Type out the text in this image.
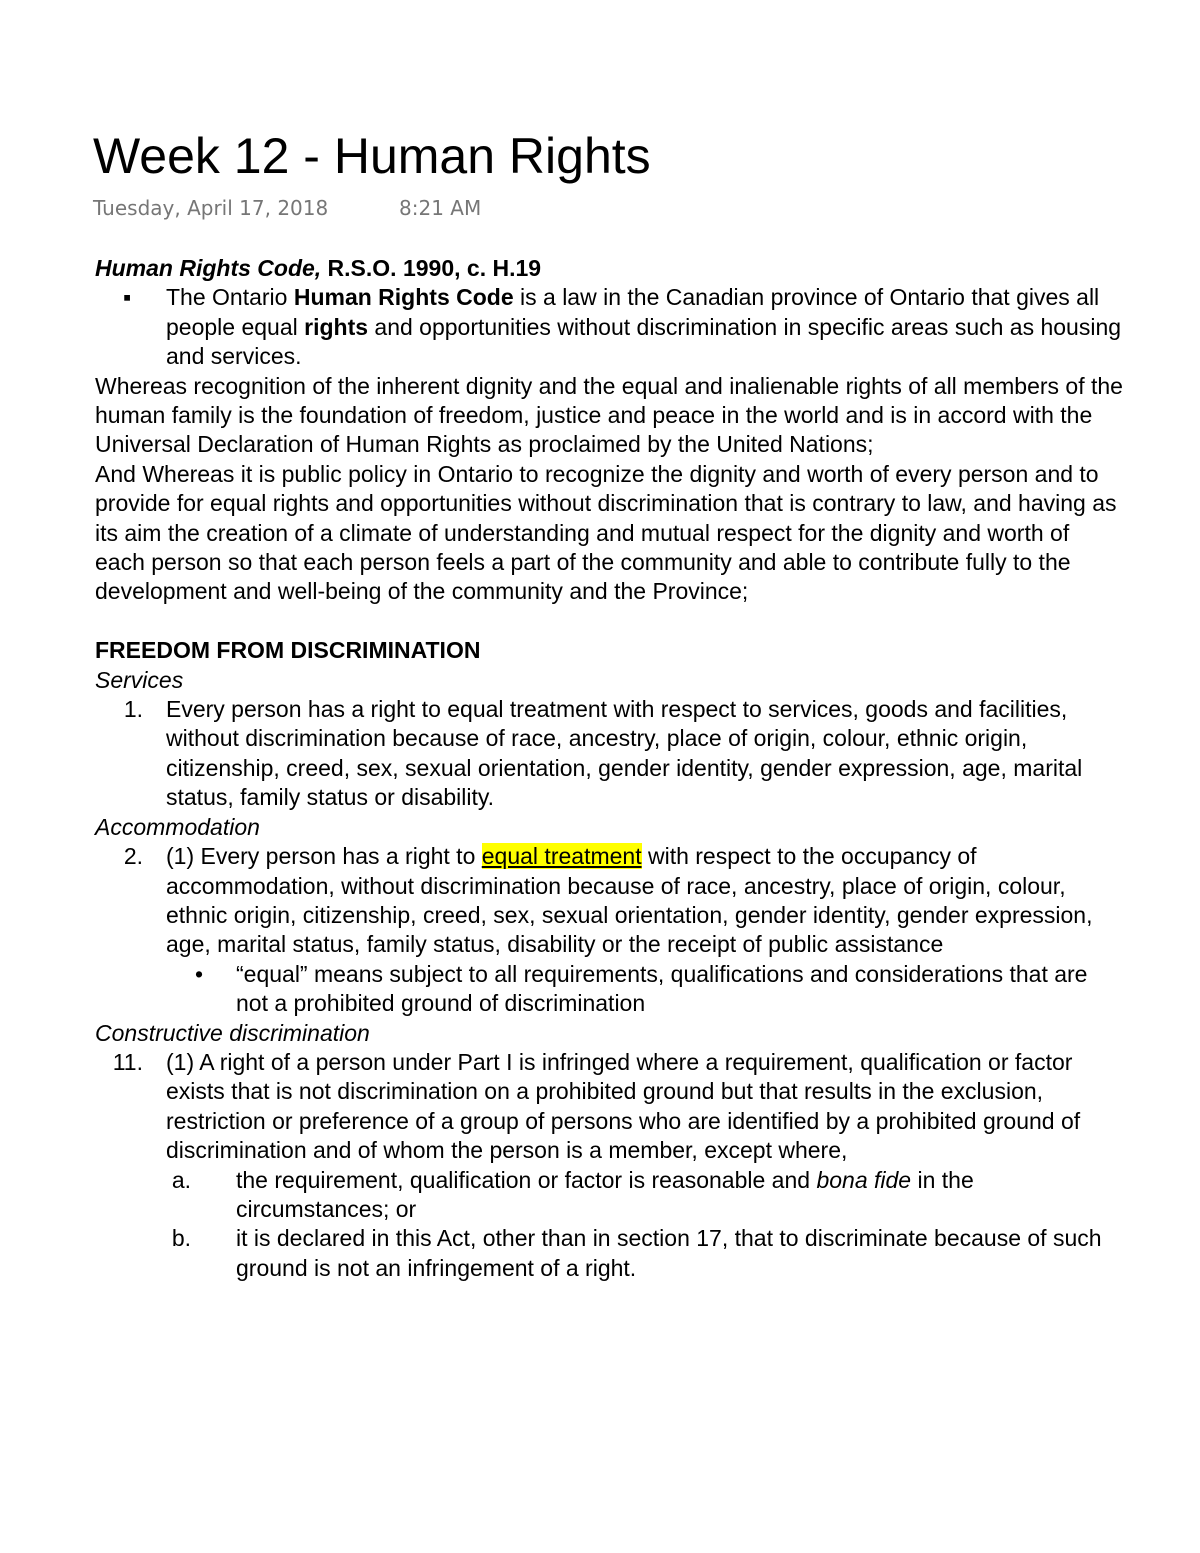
Week 12 - Human Rights
Tuesday, April 17, 2018	8:21 AM

Human Rights Code, R.S.O. 1990, c. H.19

▪ The Ontario Human Rights Code is a law in the Canadian province of Ontario that gives all people equal rights and opportunities without discrimination in specific areas such as housing and services.

Whereas recognition of the inherent dignity and the equal and inalienable rights of all members of the human family is the foundation of freedom, justice and peace in the world and is in accord with the Universal Declaration of Human Rights as proclaimed by the United Nations;

And Whereas it is public policy in Ontario to recognize the dignity and worth of every person and to provide for equal rights and opportunities without discrimination that is contrary to law, and having as its aim the creation of a climate of understanding and mutual respect for the dignity and worth of each person so that each person feels a part of the community and able to contribute fully to the development and well-being of the community and the Province;

FREEDOM FROM DISCRIMINATION

Services

1. Every person has a right to equal treatment with respect to services, goods and facilities, without discrimination because of race, ancestry, place of origin, colour, ethnic origin, citizenship, creed, sex, sexual orientation, gender identity, gender expression, age, marital status, family status or disability.

Accommodation

2. (1) Every person has a right to equal treatment with respect to the occupancy of accommodation, without discrimination because of race, ancestry, place of origin, colour, ethnic origin, citizenship, creed, sex, sexual orientation, gender identity, gender expression, age, marital status, family status, disability or the receipt of public assistance
• “equal” means subject to all requirements, qualifications and considerations that are not a prohibited ground of discrimination

Constructive discrimination

11. (1) A right of a person under Part I is infringed where a requirement, qualification or factor exists that is not discrimination on a prohibited ground but that results in the exclusion, restriction or preference of a group of persons who are identified by a prohibited ground of discrimination and of whom the person is a member, except where,
a. the requirement, qualification or factor is reasonable and bona fide in the circumstances; or
b. it is declared in this Act, other than in section 17, that to discriminate because of such ground is not an infringement of a right.
